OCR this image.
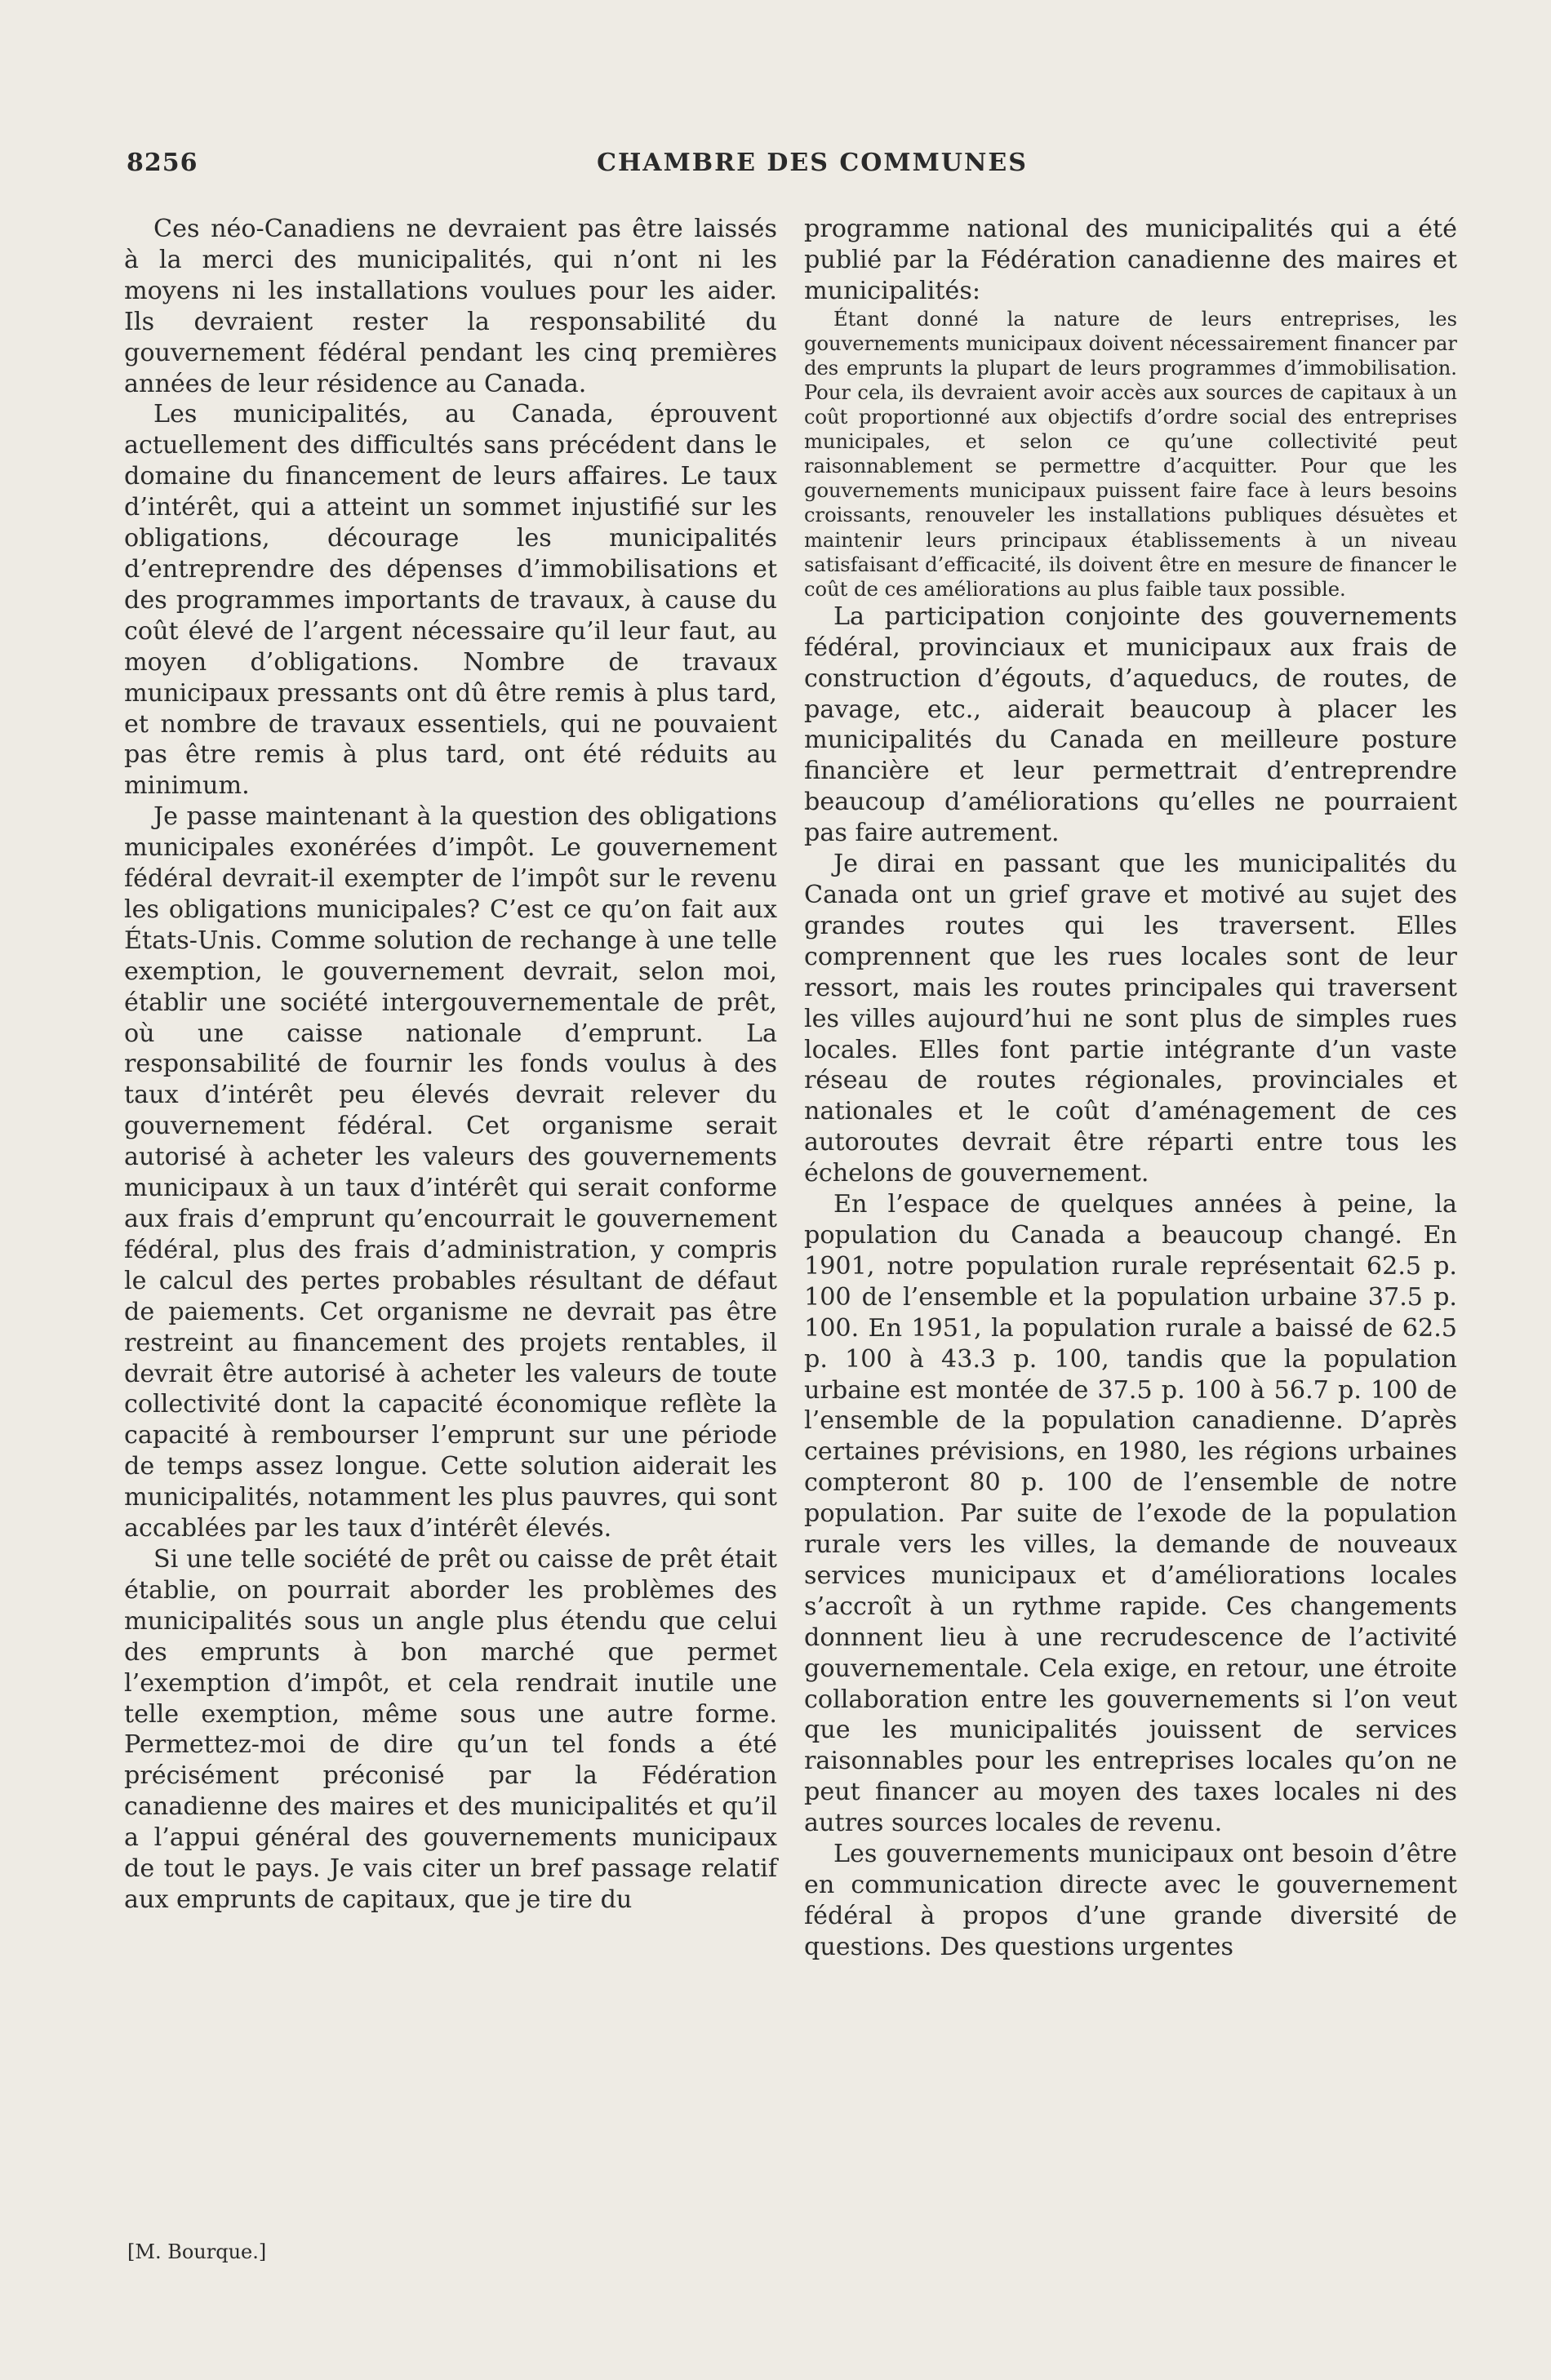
8256	CHAMBRE DES COMMUNES

Ces néo-Canadiens ne devraient pas être laissés à la merci des municipalités, qui n’ont ni les moyens ni les installations voulues pour les aider. Ils devraient rester la responsabilité du gouvernement fédéral pendant les cinq premières années de leur résidence au Canada.

Les municipalités, au Canada, éprouvent actuellement des difficultés sans précédent dans le domaine du financement de leurs affaires. Le taux d’intérêt, qui a atteint un sommet injustifié sur les obligations, décourage les municipalités d’entreprendre des dépenses d’immobilisations et des programmes importants de travaux, à cause du coût élevé de l’argent nécessaire qu’il leur faut, au moyen d’obligations. Nombre de travaux municipaux pressants ont dû être remis à plus tard, et nombre de travaux essentiels, qui ne pouvaient pas être remis à plus tard, ont été réduits au minimum.

Je passe maintenant à la question des obligations municipales exonérées d’impôt. Le gouvernement fédéral devrait-il exempter de l’impôt sur le revenu les obligations municipales? C’est ce qu’on fait aux États-Unis. Comme solution de rechange à une telle exemption, le gouvernement devrait, selon moi, établir une société intergouvernementale de prêt, où une caisse nationale d’emprunt. La responsabilité de fournir les fonds voulus à des taux d’intérêt peu élevés devrait relever du gouvernement fédéral. Cet organisme serait autorisé à acheter les valeurs des gouvernements municipaux à un taux d’intérêt qui serait conforme aux frais d’emprunt qu’encourrait le gouvernement fédéral, plus des frais d’administration, y compris le calcul des pertes probables résultant de défaut de paiements. Cet organisme ne devrait pas être restreint au financement des projets rentables, il devrait être autorisé à acheter les valeurs de toute collectivité dont la capacité économique reflète la capacité à rembourser l’emprunt sur une période de temps assez longue. Cette solution aiderait les municipalités, notamment les plus pauvres, qui sont accablées par les taux d’intérêt élevés.

Si une telle société de prêt ou caisse de prêt était établie, on pourrait aborder les problèmes des municipalités sous un angle plus étendu que celui des emprunts à bon marché que permet l’exemption d’impôt, et cela rendrait inutile une telle exemption, même sous une autre forme. Permettez-moi de dire qu’un tel fonds a été précisément préconisé par la Fédération canadienne des maires et des municipalités et qu’il a l’appui général des gouvernements municipaux de tout le pays. Je vais citer un bref passage relatif aux emprunts de capitaux, que je tire du

programme national des municipalités qui a été publié par la Fédération canadienne des maires et municipalités:

Étant donné la nature de leurs entreprises, les gouvernements municipaux doivent nécessairement financer par des emprunts la plupart de leurs programmes d’immobilisation. Pour cela, ils devraient avoir accès aux sources de capitaux à un coût proportionné aux objectifs d’ordre social des entreprises municipales, et selon ce qu’une collectivité peut raisonnablement se permettre d’acquitter. Pour que les gouvernements municipaux puissent faire face à leurs besoins croissants, renouveler les installations publiques désuètes et maintenir leurs principaux établissements à un niveau satisfaisant d’efficacité, ils doivent être en mesure de financer le coût de ces améliorations au plus faible taux possible.

La participation conjointe des gouvernements fédéral, provinciaux et municipaux aux frais de construction d’égouts, d’aqueducs, de routes, de pavage, etc., aiderait beaucoup à placer les municipalités du Canada en meilleure posture financière et leur permettrait d’entreprendre beaucoup d’améliorations qu’elles ne pourraient pas faire autrement.

Je dirai en passant que les municipalités du Canada ont un grief grave et motivé au sujet des grandes routes qui les traversent. Elles comprennent que les rues locales sont de leur ressort, mais les routes principales qui traversent les villes aujourd’hui ne sont plus de simples rues locales. Elles font partie intégrante d’un vaste réseau de routes régionales, provinciales et nationales et le coût d’aménagement de ces autoroutes devrait être réparti entre tous les échelons de gouvernement.

En l’espace de quelques années à peine, la population du Canada a beaucoup changé. En 1901, notre population rurale représentait 62.5 p. 100 de l’ensemble et la population urbaine 37.5 p. 100. En 1951, la population rurale a baissé de 62.5 p. 100 à 43.3 p. 100, tandis que la population urbaine est montée de 37.5 p. 100 à 56.7 p. 100 de l’ensemble de la population canadienne. D’après certaines prévisions, en 1980, les régions urbaines compteront 80 p. 100 de l’ensemble de notre population. Par suite de l’exode de la population rurale vers les villes, la demande de nouveaux services municipaux et d’améliorations locales s’accroît à un rythme rapide. Ces changements donnnent lieu à une recrudescence de l’activité gouvernementale. Cela exige, en retour, une étroite collaboration entre les gouvernements si l’on veut que les municipalités jouissent de services raisonnables pour les entreprises locales qu’on ne peut financer au moyen des taxes locales ni des autres sources locales de revenu.

Les gouvernements municipaux ont besoin d’être en communication directe avec le gouvernement fédéral à propos d’une grande diversité de questions. Des questions urgentes

[M. Bourque.]
